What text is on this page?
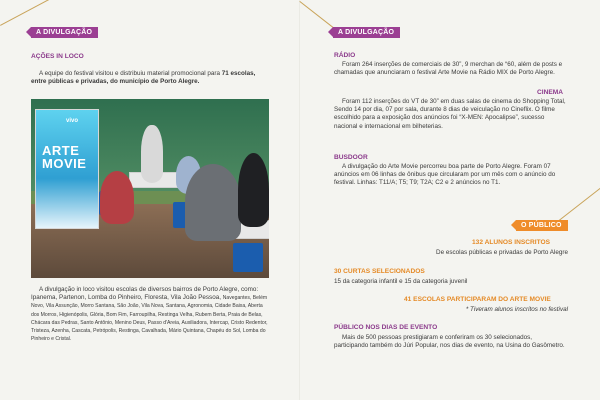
A DIVULGAÇÃO
AÇÕES IN LOCO

A equipe do festival visitou e distribuiu material promocional para 71 escolas, entre públicas e privadas, do município de Porto Alegre.

vivo
ARTE MOVIE

A divulgação in loco visitou escolas de diversos bairros de Porto Alegre, como: Ipanema, Partenon, Lomba do Pinheiro, Floresta, Vila João Pessoa, Navegantes, Belém Novo, Vila Assunção, Morro Santana, São João, Vila Nova, Santana, Agronomia, Cidade Baixa, Aberta dos Morros, Higienópolis, Glória, Bom Fim, Farroupilha, Restinga Velha, Rubem Berta, Praia de Belas, Chácara das Pedras, Santo Antônio, Menino Deus, Passo d'Areia, Auxiliadora, Intercap, Cristo Redentor, Tristeza, Azenha, Cascata, Petrópolis, Restinga, Cavalhada, Mário Quintana, Chapéu do Sol, Lomba do Pinheiro e Cristal.

A DIVULGAÇÃO
RÁDIO

Foram 264 inserções de comerciais de 30”, 9 merchan de “60, além de posts e chamadas que anunciaram o festival Arte Movie na Rádio MIX de Porto Alegre.

CINEMA

Foram 112 inserções do VT de 30” em duas salas de cinema do Shopping Total, Sendo 14 por dia, 07 por sala, durante 8 dias de veiculação no Cineflix. O filme escolhido para a exposição dos anúncios foi “X-MEN: Apocalipse”, sucesso nacional e internacional em bilheterias.

BUSDOOR

A divulgação do Arte Movie percorreu boa parte de Porto Alegre. Foram 07 anúncios em 06 linhas de ônibus que circularam por um mês com o anúncio do festival. Linhas: T11/A; T5; T9; T2A; C2 e 2 anúncios no T1.

O PÚBLICO
132 ALUNOS INSCRITOS

De escolas públicas e privadas de Porto Alegre

30 CURTAS SELECIONADOS

15 da categoria infantil e 15 da categoria juvenil

41 ESCOLAS PARTICIPARAM DO ARTE MOVIE

* Tiveram alunos inscritos no festival

PÚBLICO NOS DIAS DE EVENTO

Mais de 500 pessoas prestigiaram e conferiram os 30 selecionados, participando também do Júri Popular, nos dias de evento, na Usina do Gasômetro.
